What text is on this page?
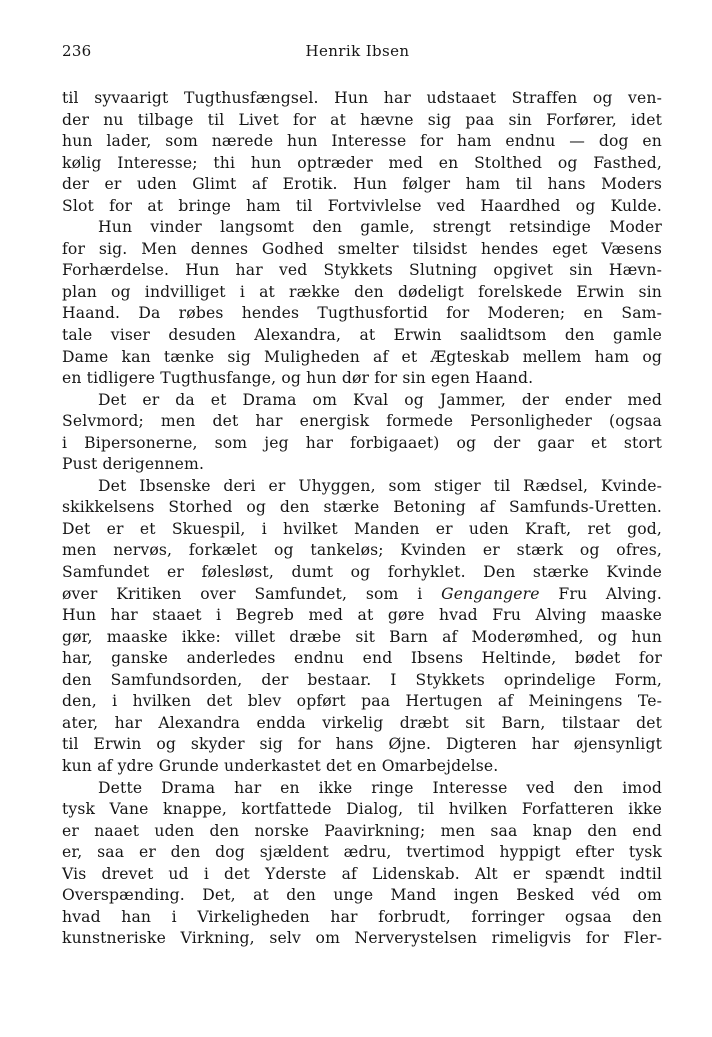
236	Henrik Ibsen
til syvaarigt Tugthusfængsel. Hun har udstaaet Straffen og ven-
der nu tilbage til Livet for at hævne sig paa sin Forfører, idet
hun lader, som nærede hun Interesse for ham endnu — dog en
kølig Interesse; thi hun optræder med en Stolthed og Fasthed,
der er uden Glimt af Erotik. Hun følger ham til hans Moders
Slot for at bringe ham til Fortvivlelse ved Haardhed og Kulde.
Hun vinder langsomt den gamle, strengt retsindige Moder
for sig. Men dennes Godhed smelter tilsidst hendes eget Væsens
Forhærdelse. Hun har ved Stykkets Slutning opgivet sin Hævn-
plan og indvilliget i at række den dødeligt forelskede Erwin sin
Haand. Da røbes hendes Tugthusfortid for Moderen; en Sam-
tale viser desuden Alexandra, at Erwin saalidtsom den gamle
Dame kan tænke sig Muligheden af et Ægteskab mellem ham og
en tidligere Tugthusfange, og hun dør for sin egen Haand.
Det er da et Drama om Kval og Jammer, der ender med
Selvmord; men det har energisk formede Personligheder (ogsaa
i Bipersonerne, som jeg har forbigaaet) og der gaar et stort
Pust derigennem.
Det Ibsenske deri er Uhyggen, som stiger til Rædsel, Kvinde-
skikkelsens Storhed og den stærke Betoning af Samfunds-Uretten.
Det er et Skuespil, i hvilket Manden er uden Kraft, ret god,
men nervøs, forkælet og tankeløs; Kvinden er stærk og ofres,
Samfundet er følesløst, dumt og forhyklet. Den stærke Kvinde
øver Kritiken over Samfundet, som i Gengangere Fru Alving.
Hun har staaet i Begreb med at gøre hvad Fru Alving maaske
gør, maaske ikke: villet dræbe sit Barn af Moderømhed, og hun
har, ganske anderledes endnu end Ibsens Heltinde, bødet for
den Samfundsorden, der bestaar. I Stykkets oprindelige Form,
den, i hvilken det blev opført paa Hertugen af Meiningens Te-
ater, har Alexandra endda virkelig dræbt sit Barn, tilstaar det
til Erwin og skyder sig for hans Øjne. Digteren har øjensynligt
kun af ydre Grunde underkastet det en Omarbejdelse.
Dette Drama har en ikke ringe Interesse ved den imod
tysk Vane knappe, kortfattede Dialog, til hvilken Forfatteren ikke
er naaet uden den norske Paavirkning; men saa knap den end
er, saa er den dog sjældent ædru, tvertimod hyppigt efter tysk
Vis drevet ud i det Yderste af Lidenskab. Alt er spændt indtil
Overspænding. Det, at den unge Mand ingen Besked véd om
hvad han i Virkeligheden har forbrudt, forringer ogsaa den
kunstneriske Virkning, selv om Nerverystelsen rimeligvis for Fler-
